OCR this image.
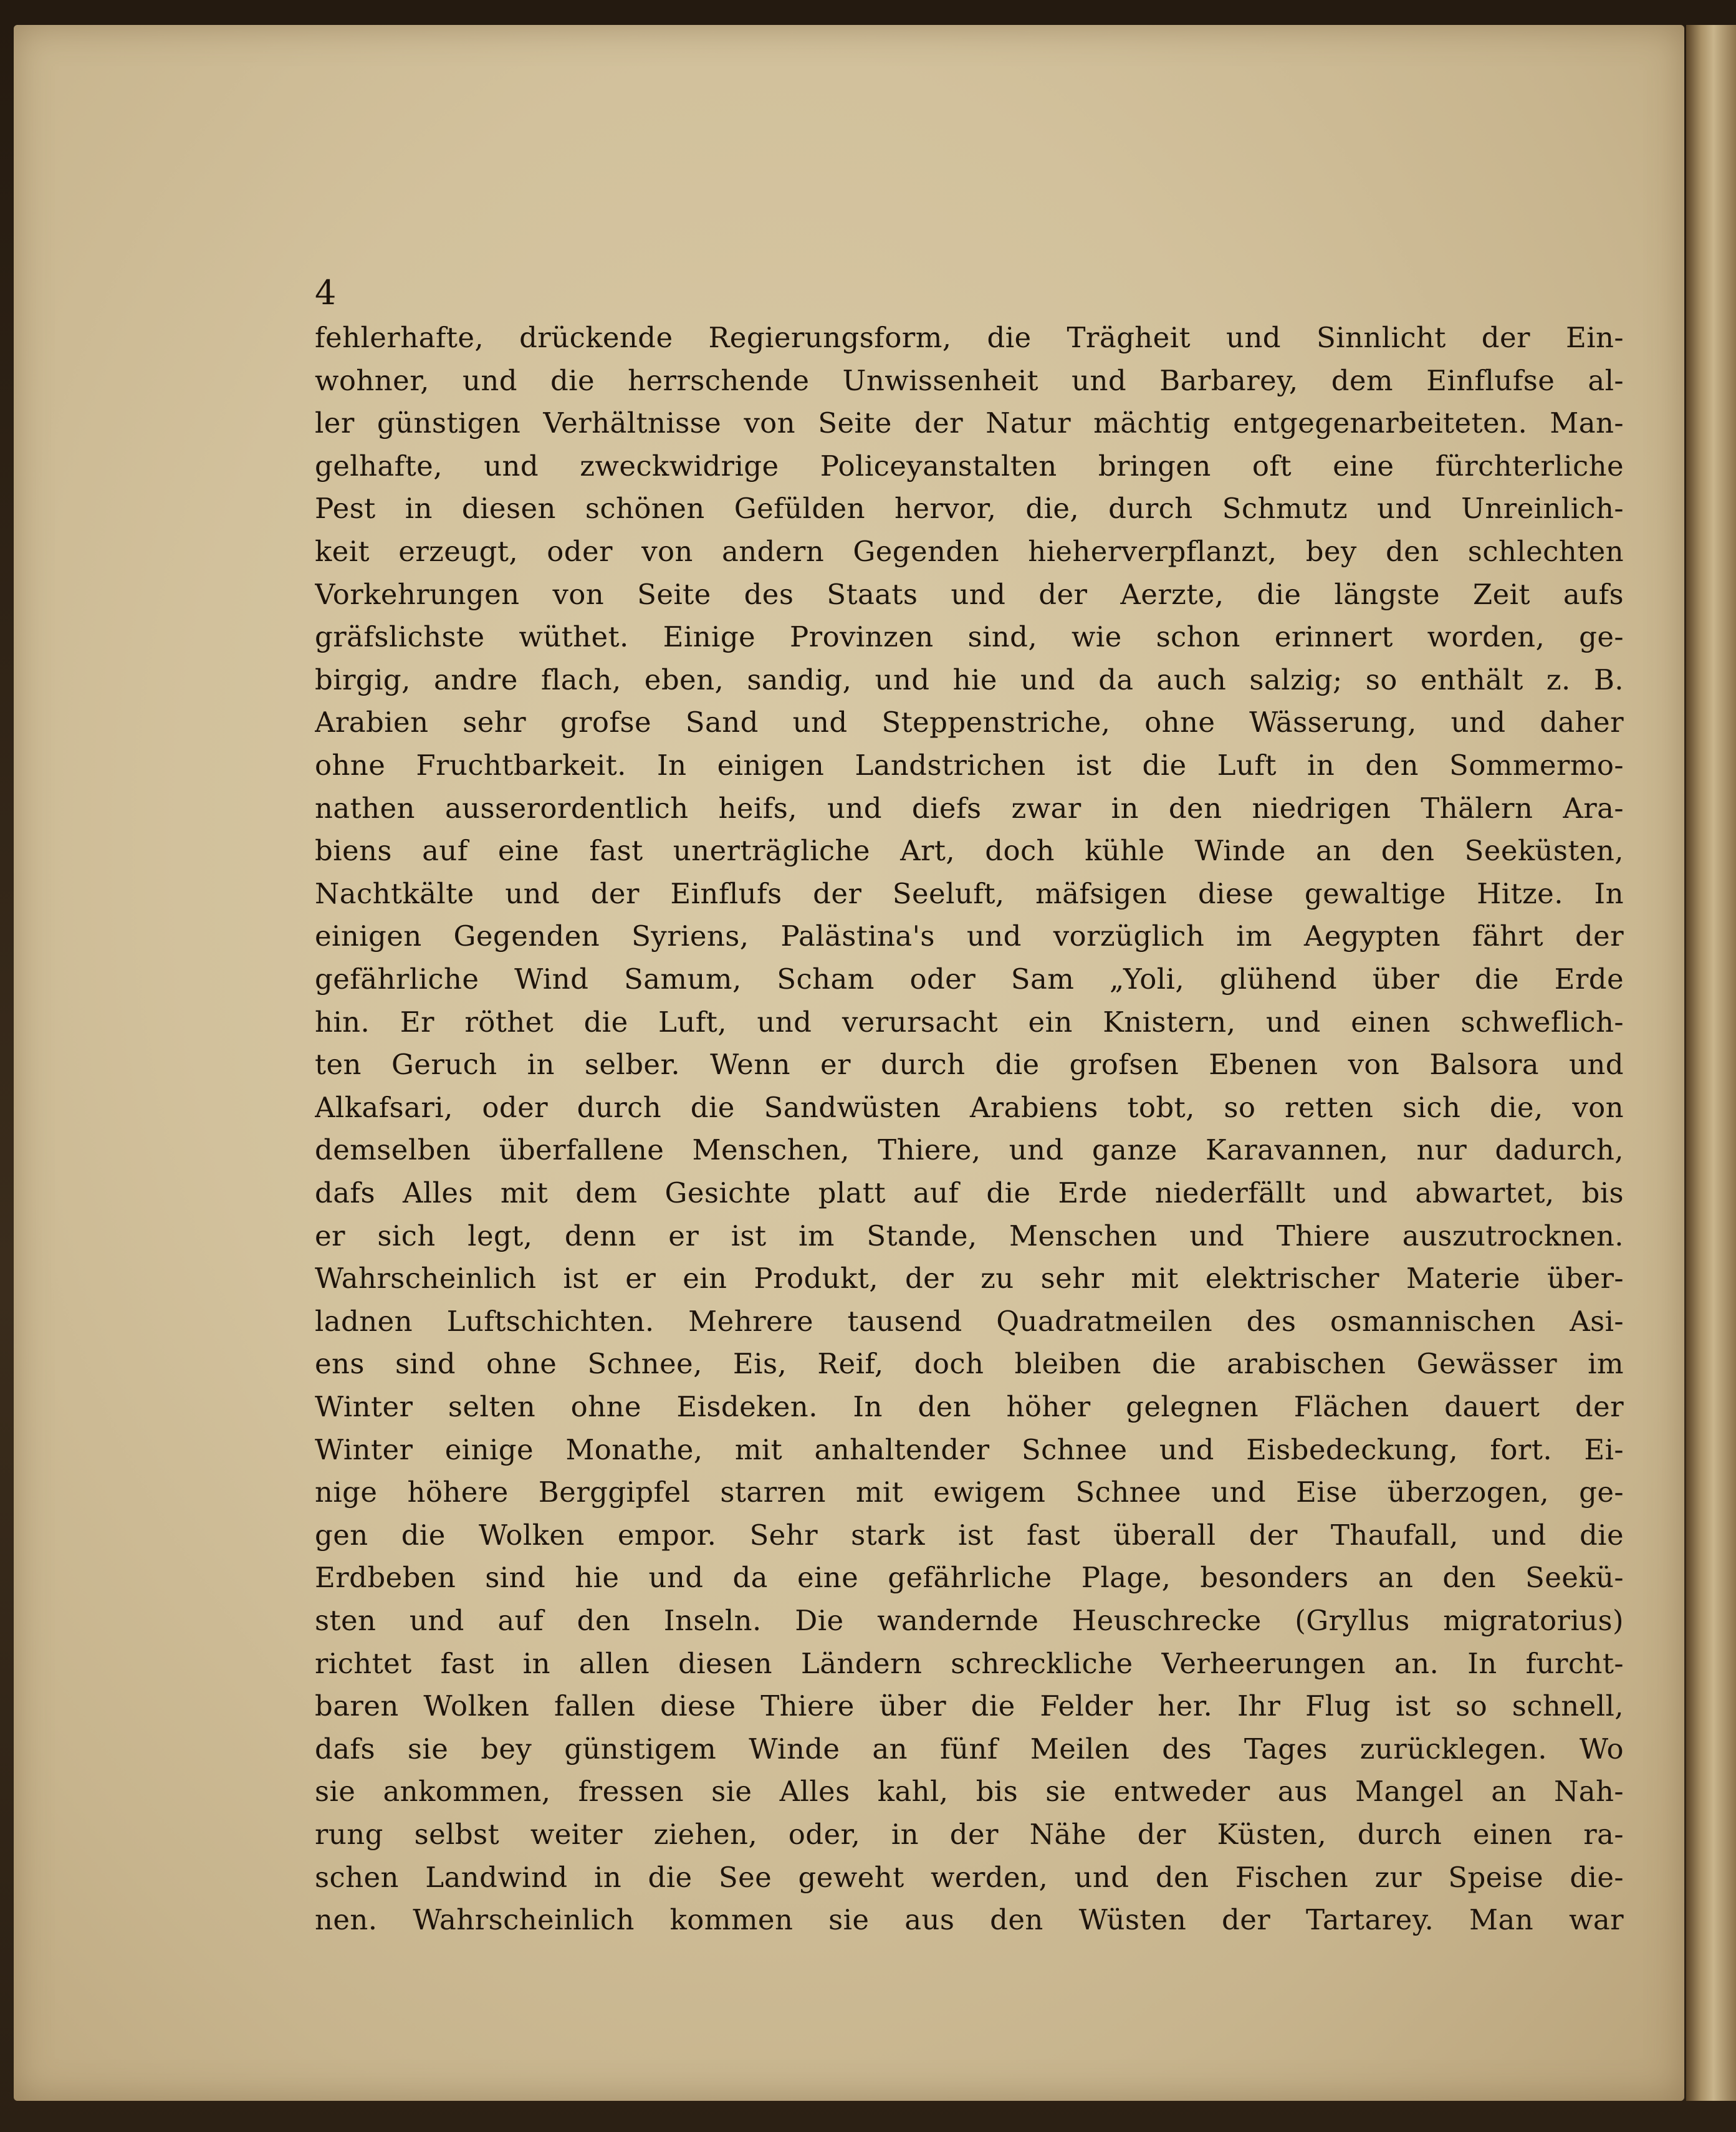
4
fehlerhafte, drückende Regierungsform, die Trägheit und Sinnlicht der Ein-
wohner, und die herrschende Unwissenheit und Barbarey, dem Einflufse al-
ler günstigen Verhältnisse von Seite der Natur mächtig entgegenarbeiteten. Man-
gelhafte, und zweckwidrige Policeyanstalten bringen oft eine fürchterliche
Pest in diesen schönen Gefülden hervor, die, durch Schmutz und Unreinlich-
keit erzeugt, oder von andern Gegenden hieherverpflanzt, bey den schlechten
Vorkehrungen von Seite des Staats und der Aerzte, die längste Zeit aufs
gräfslichste wüthet. Einige Provinzen sind, wie schon erinnert worden, ge-
birgig, andre flach, eben, sandig, und hie und da auch salzig; so enthält z. B.
Arabien sehr grofse Sand und Steppenstriche, ohne Wässerung, und daher
ohne Fruchtbarkeit. In einigen Landstrichen ist die Luft in den Sommermo-
nathen ausserordentlich heifs, und diefs zwar in den niedrigen Thälern Ara-
biens auf eine fast unerträgliche Art, doch kühle Winde an den Seeküsten,
Nachtkälte und der Einflufs der Seeluft, mäfsigen diese gewaltige Hitze. In
einigen Gegenden Syriens, Palästina's und vorzüglich im Aegypten fährt der
gefährliche Wind Samum, Scham oder Sam „Yoli, glühend über die Erde
hin. Er röthet die Luft, und verursacht ein Knistern, und einen schweflich-
ten Geruch in selber. Wenn er durch die grofsen Ebenen von Balsora und
Alkafsari, oder durch die Sandwüsten Arabiens tobt, so retten sich die, von
demselben überfallene Menschen, Thiere, und ganze Karavannen, nur dadurch,
dafs Alles mit dem Gesichte platt auf die Erde niederfällt und abwartet, bis
er sich legt, denn er ist im Stande, Menschen und Thiere auszutrocknen.
Wahrscheinlich ist er ein Produkt, der zu sehr mit elektrischer Materie über-
ladnen Luftschichten. Mehrere tausend Quadratmeilen des osmannischen Asi-
ens sind ohne Schnee, Eis, Reif, doch bleiben die arabischen Gewässer im
Winter selten ohne Eisdeken. In den höher gelegnen Flächen dauert der
Winter einige Monathe, mit anhaltender Schnee und Eisbedeckung, fort. Ei-
nige höhere Berggipfel starren mit ewigem Schnee und Eise überzogen, ge-
gen die Wolken empor. Sehr stark ist fast überall der Thaufall, und die
Erdbeben sind hie und da eine gefährliche Plage, besonders an den Seekü-
sten und auf den Inseln. Die wandernde Heuschrecke (Gryllus migratorius)
richtet fast in allen diesen Ländern schreckliche Verheerungen an. In furcht-
baren Wolken fallen diese Thiere über die Felder her. Ihr Flug ist so schnell,
dafs sie bey günstigem Winde an fünf Meilen des Tages zurücklegen. Wo
sie ankommen, fressen sie Alles kahl, bis sie entweder aus Mangel an Nah-
rung selbst weiter ziehen, oder, in der Nähe der Küsten, durch einen ra-
schen Landwind in die See geweht werden, und den Fischen zur Speise die-
nen. Wahrscheinlich kommen sie aus den Wüsten der Tartarey. Man war
